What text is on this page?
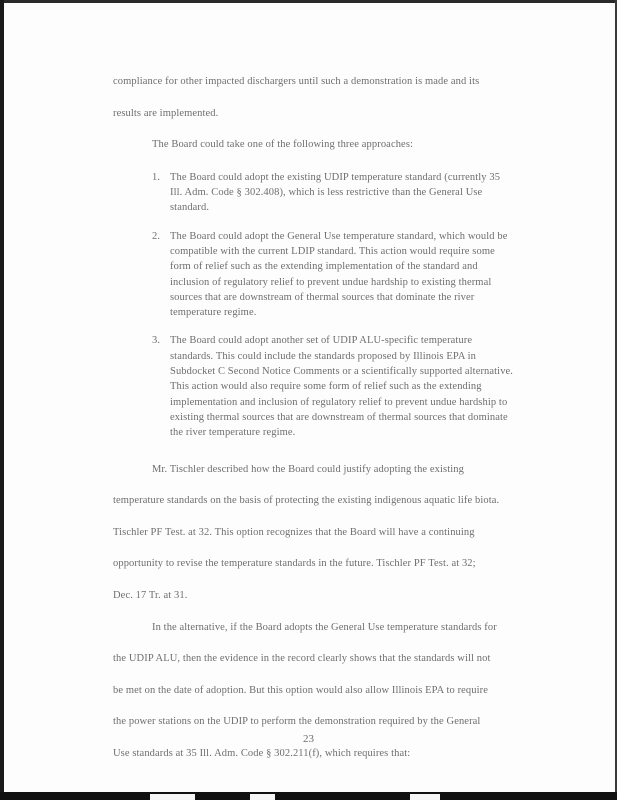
compliance for other impacted dischargers until such a demonstration is made and its

results are implemented.

The Board could take one of the following three approaches:

1. The Board could adopt the existing UDIP temperature standard (currently 35 Ill. Adm. Code § 302.408), which is less restrictive than the General Use standard.
2. The Board could adopt the General Use temperature standard, which would be compatible with the current LDIP standard. This action would require some form of relief such as the extending implementation of the standard and inclusion of regulatory relief to prevent undue hardship to existing thermal sources that are downstream of thermal sources that dominate the river temperature regime.
3. The Board could adopt another set of UDIP ALU-specific temperature standards. This could include the standards proposed by Illinois EPA in Subdocket C Second Notice Comments or a scientifically supported alternative. This action would also require some form of relief such as the extending implementation and inclusion of regulatory relief to prevent undue hardship to existing thermal sources that are downstream of thermal sources that dominate the river temperature regime.

Mr. Tischler described how the Board could justify adopting the existing

temperature standards on the basis of protecting the existing indigenous aquatic life biota.

Tischler PF Test. at 32. This option recognizes that the Board will have a continuing

opportunity to revise the temperature standards in the future. Tischler PF Test. at 32;

Dec. 17 Tr. at 31.

In the alternative, if the Board adopts the General Use temperature standards for

the UDIP ALU, then the evidence in the record clearly shows that the standards will not

be met on the date of adoption. But this option would also allow Illinois EPA to require

the power stations on the UDIP to perform the demonstration required by the General

Use standards at 35 Ill. Adm. Code § 302.211(f), which requires that:

23
